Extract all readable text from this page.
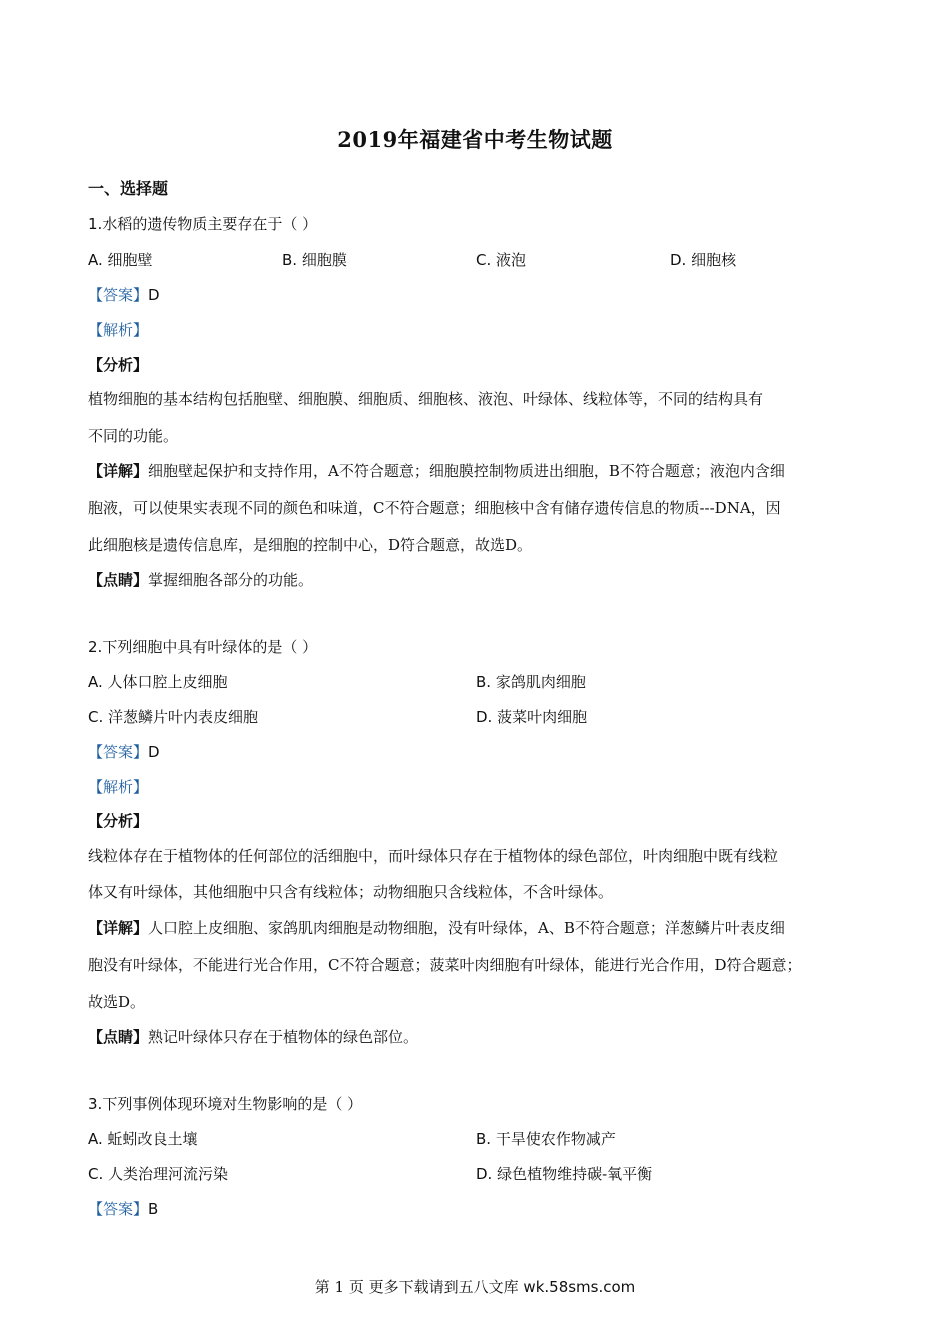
2019年福建省中考生物试题
一、选择题
1.水稻的遗传物质主要存在于（ ）
A. 细胞壁	B. 细胞膜	C. 液泡	D. 细胞核
【答案】D
【解析】
【分析】
植物细胞的基本结构包括胞壁、细胞膜、细胞质、细胞核、液泡、叶绿体、线粒体等，不同的结构具有
不同的功能。
【详解】细胞壁起保护和支持作用，A不符合题意；细胞膜控制物质进出细胞，B不符合题意；液泡内含细
胞液，可以使果实表现不同的颜色和味道，C不符合题意；细胞核中含有储存遗传信息的物质---DNA，因
此细胞核是遗传信息库，是细胞的控制中心，D符合题意，故选D。
【点睛】掌握细胞各部分的功能。
2.下列细胞中具有叶绿体的是（ ）
A. 人体口腔上皮细胞	B. 家鸽肌肉细胞
C. 洋葱鳞片叶内表皮细胞	D. 菠菜叶肉细胞
【答案】D
【解析】
【分析】
线粒体存在于植物体的任何部位的活细胞中，而叶绿体只存在于植物体的绿色部位，叶肉细胞中既有线粒
体又有叶绿体，其他细胞中只含有线粒体；动物细胞只含线粒体，不含叶绿体。
【详解】人口腔上皮细胞、家鸽肌肉细胞是动物细胞，没有叶绿体，A、B不符合题意；洋葱鳞片叶表皮细
胞没有叶绿体，不能进行光合作用，C不符合题意；菠菜叶肉细胞有叶绿体，能进行光合作用，D符合题意；
故选D。
【点睛】熟记叶绿体只存在于植物体的绿色部位。
3.下列事例体现环境对生物影响的是（ ）
A. 蚯蚓改良土壤	B. 干旱使农作物减产
C. 人类治理河流污染	D. 绿色植物维持碳-氧平衡
【答案】B
第 1 页 更多下载请到五八文库 wk.58sms.com
